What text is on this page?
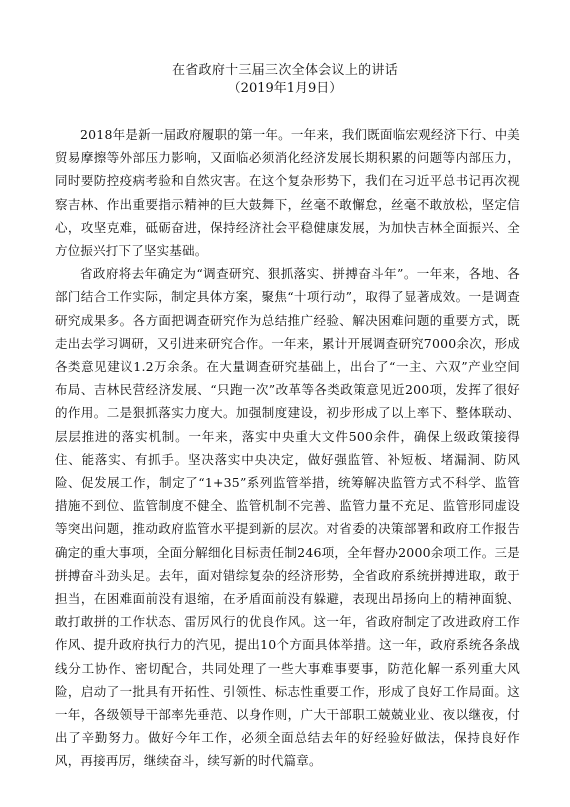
在省政府十三届三次全体会议上的讲话
（2019年1月9日）

2018年是新一届政府履职的第一年。一年来，我们既面临宏观经济下行、中美贸易摩擦等外部压力影响，又面临必须消化经济发展长期积累的问题等内部压力，同时要防控疫病考验和自然灾害。在这个复杂形势下，我们在习近平总书记再次视察吉林、作出重要指示精神的巨大鼓舞下，丝毫不敢懈怠，丝毫不敢放松，坚定信心，攻坚克难，砥砺奋进，保持经济社会平稳健康发展，为加快吉林全面振兴、全方位振兴打下了坚实基础。

省政府将去年确定为“调查研究、狠抓落实、拼搏奋斗年”。一年来，各地、各部门结合工作实际，制定具体方案，聚焦“十项行动”，取得了显著成效。一是调查研究成果多。各方面把调查研究作为总结推广经验、解决困难问题的重要方式，既走出去学习调研，又引进来研究合作。一年来，累计开展调查研究7000余次，形成各类意见建议1.2万余条。在大量调查研究基础上，出台了“一主、六双”产业空间布局、吉林民营经济发展、“只跑一次”改革等各类政策意见近200项，发挥了很好的作用。二是狠抓落实力度大。加强制度建设，初步形成了以上率下、整体联动、层层推进的落实机制。一年来，落实中央重大文件500余件，确保上级政策接得住、能落实、有抓手。坚决落实中央决定，做好强监管、补短板、堵漏洞、防风险、促发展工作，制定了“1+35”系列监管举措，统筹解决监管方式不科学、监管措施不到位、监管制度不健全、监管机制不完善、监管力量不充足、监管形同虚设等突出问题，推动政府监管水平提到新的层次。对省委的决策部署和政府工作报告确定的重大事项，全面分解细化目标责任制246项，全年督办2000余项工作。三是拼搏奋斗劲头足。去年，面对错综复杂的经济形势，全省政府系统拼搏进取，敢于担当，在困难面前没有退缩，在矛盾面前没有躲避，表现出昂扬向上的精神面貌、敢打敢拼的工作状态、雷厉风行的优良作风。这一年，省政府制定了改进政府工作作风、提升政府执行力的汽见，提出10个方面具体举措。这一年，政府系统各条战线分工协作、密切配合，共同处理了一些大事难事要事，防范化解一系列重大风险，启动了一批具有开拓性、引领性、标志性重要工作，形成了良好工作局面。这一年，各级领导干部率先垂范、以身作则，广大干部职工兢兢业业、夜以继夜，付出了辛勤努力。做好今年工作，必须全面总结去年的好经验好做法，保持良好作风，再接再厉，继续奋斗，续写新的时代篇章。
